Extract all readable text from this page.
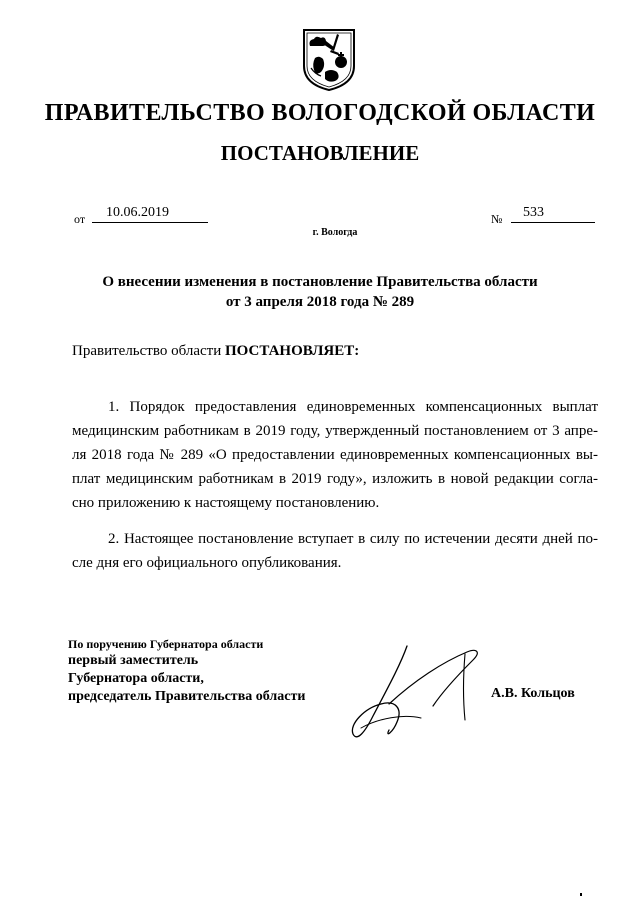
ПРАВИТЕЛЬСТВО ВОЛОГОДСКОЙ ОБЛАСТИ
ПОСТАНОВЛЕНИЕ
от	10.06.2019	№	533
г. Вологда
О внесении изменения в постановление Правительства области
от 3 апреля 2018 года № 289
Правительство области ПОСТАНОВЛЯЕТ:
1. Порядок предоставления единовременных компенсационных выплат
медицинским работникам в 2019 году, утвержденный постановлением от 3 апре-
ля 2018 года № 289 «О предоставлении единовременных компенсационных вы-
плат медицинским работникам в 2019 году», изложить в новой редакции согла-
сно приложению к настоящему постановлению.
2. Настоящее постановление вступает в силу по истечении десяти дней по-
сле дня его официального опубликования.
По поручению Губернатора области
первый заместитель
Губернатора области,
председатель Правительства области	А.В. Кольцов
